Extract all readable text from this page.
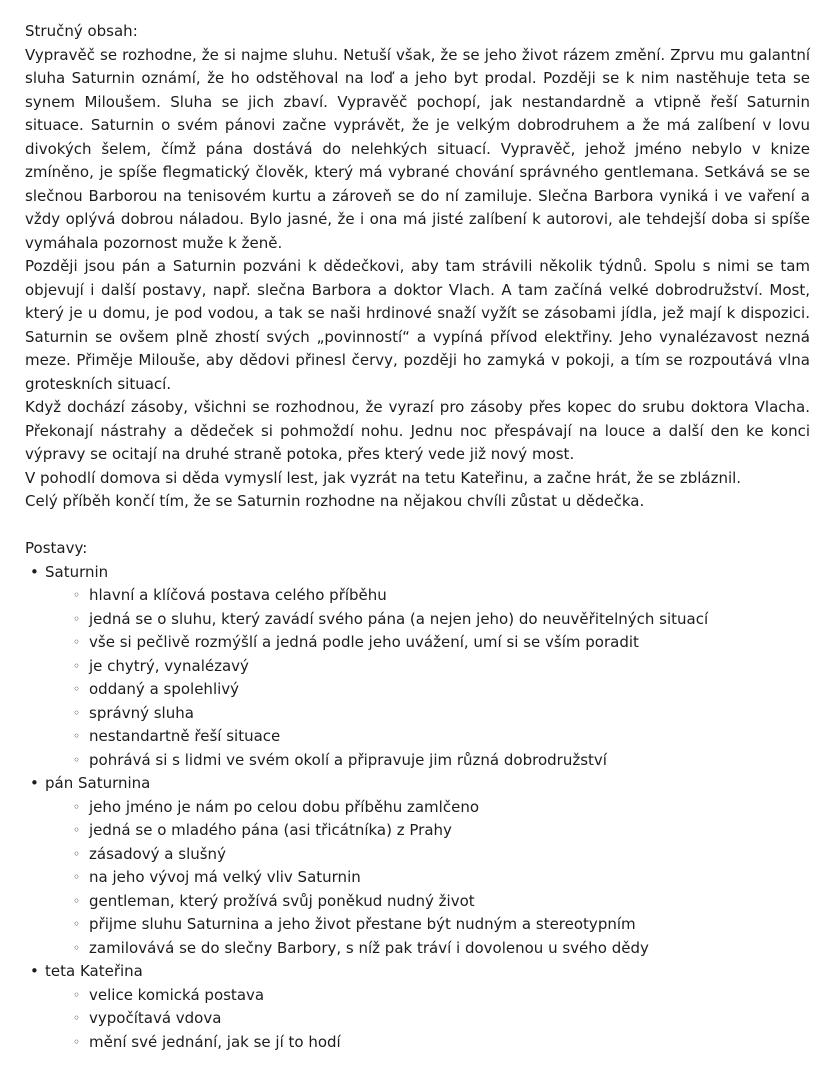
Stručný obsah:

Vypravěč se rozhodne, že si najme sluhu. Netuší však, že se jeho život rázem změní. Zprvu mu galantní sluha Saturnin oznámí, že ho odstěhoval na loď a jeho byt prodal. Později se k nim nastěhuje teta se synem Miloušem. Sluha se jich zbaví. Vypravěč pochopí, jak nestandardně a vtipně řeší Saturnin situace. Saturnin o svém pánovi začne vyprávět, že je velkým dobrodruhem a že má zalíbení v lovu divokých šelem, čímž pána dostává do nelehkých situací. Vypravěč, jehož jméno nebylo v knize zmíněno, je spíše flegmatický člověk, který má vybrané chování správného gentlemana. Setkává se se slečnou Barborou na tenisovém kurtu a zároveň se do ní zamiluje. Slečna Barbora vyniká i ve vaření a vždy oplývá dobrou náladou. Bylo jasné, že i ona má jisté zalíbení k autorovi, ale tehdejší doba si spíše vymáhala pozornost muže k ženě.

Později jsou pán a Saturnin pozváni k dědečkovi, aby tam strávili několik týdnů. Spolu s nimi se tam objevují i další postavy, např. slečna Barbora a doktor Vlach. A tam začíná velké dobrodružství. Most, který je u domu, je pod vodou, a tak se naši hrdinové snaží vyžít se zásobami jídla, jež mají k dispozici. Saturnin se ovšem plně zhostí svých „povinností“ a vypíná přívod elektřiny. Jeho vynalézavost nezná meze. Přiměje Milouše, aby dědovi přinesl červy, později ho zamyká v pokoji, a tím se rozpoutává vlna groteskních situací.

Když dochází zásoby, všichni se rozhodnou, že vyrazí pro zásoby přes kopec do srubu doktora Vlacha. Překonají nástrahy a dědeček si pohmoždí nohu. Jednu noc přespávají na louce a další den ke konci výpravy se ocitají na druhé straně potoka, přes který vede již nový most.

V pohodlí domova si děda vymyslí lest, jak vyzrát na tetu Kateřinu, a začne hrát, že se zbláznil.

Celý příběh končí tím, že se Saturnin rozhodne na nějakou chvíli zůstat u dědečka.

Postavy:

• Saturnin
◦ hlavní a klíčová postava celého příběhu
◦ jedná se o sluhu, který zavádí svého pána (a nejen jeho) do neuvěřitelných situací
◦ vše si pečlivě rozmýšlí a jedná podle jeho uvážení, umí si se vším poradit
◦ je chytrý, vynalézavý
◦ oddaný a spolehlivý
◦ správný sluha
◦ nestandartně řeší situace
◦ pohrává si s lidmi ve svém okolí a připravuje jim různá dobrodružství
• pán Saturnina
◦ jeho jméno je nám po celou dobu příběhu zamlčeno
◦ jedná se o mladého pána (asi třicátníka) z Prahy
◦ zásadový a slušný
◦ na jeho vývoj má velký vliv Saturnin
◦ gentleman, který prožívá svůj poněkud nudný život
◦ přijme sluhu Saturnina a jeho život přestane být nudným a stereotypním
◦ zamilovává se do slečny Barbory, s níž pak tráví i dovolenou u svého dědy
• teta Kateřina
◦ velice komická postava
◦ vypočítavá vdova
◦ mění své jednání, jak se jí to hodí
